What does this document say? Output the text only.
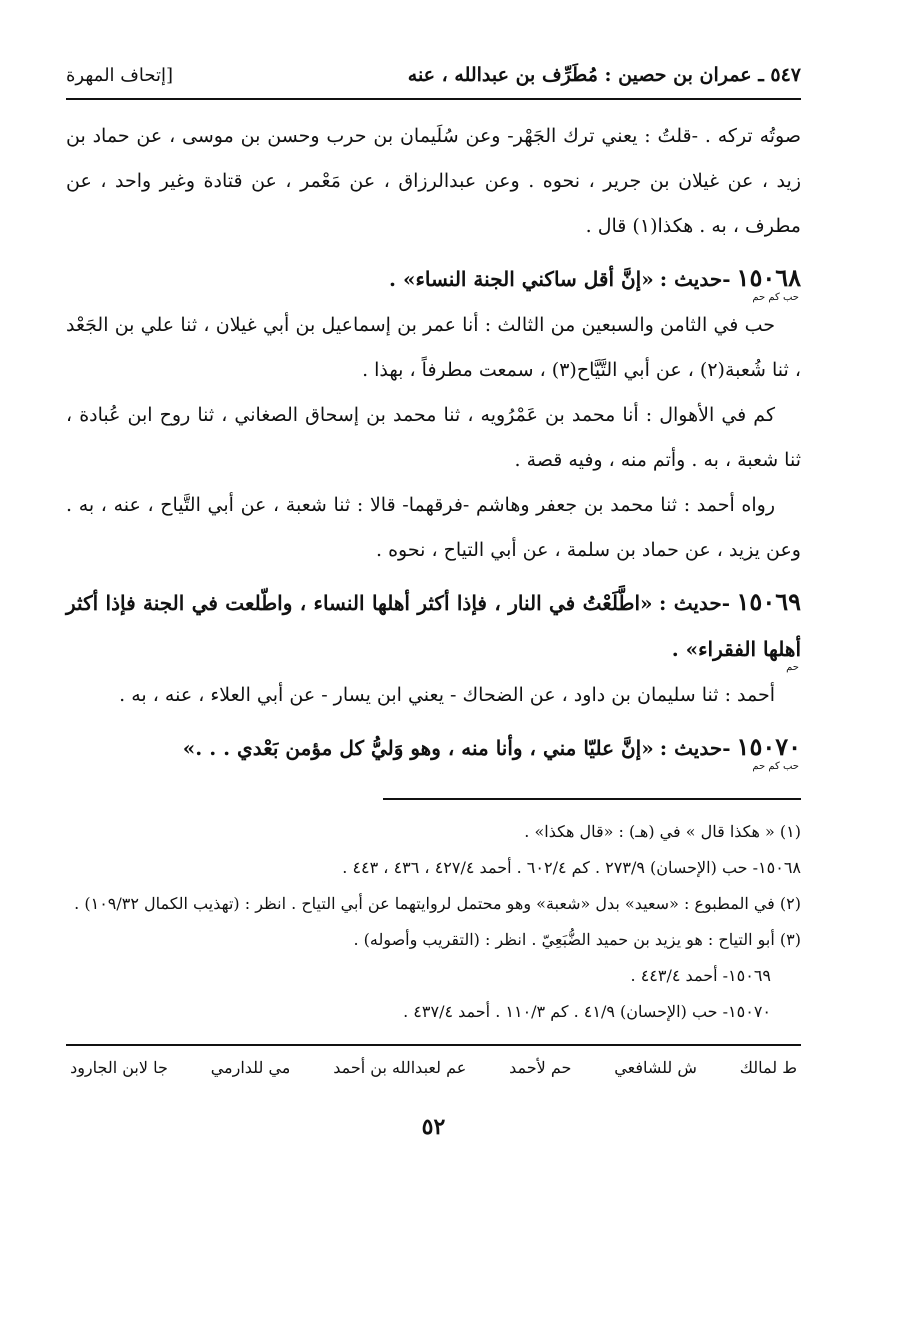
٥٤٧ ـ عمران بن حصين : مُطَرِّف بن عبدالله ، عنه
[إتحاف المهرة

صوتُه تركه . -قلتُ : يعني ترك الجَهْر- وعن سُلَيمان بن حرب وحسن بن موسى ، عن حماد بن زيد ، عن غيلان بن جرير ، نحوه . وعن عبدالرزاق ، عن مَعْمر ، عن قتادة وغير واحد ، عن مطرف ، به . هكذا(١) قال .

١٥٠٦٨ -حديث : «إنَّ أقل ساكني الجنة النساء» .
حب كم حم

حب في الثامن والسبعين من الثالث : أنا عمر بن إسماعيل بن أبي غيلان ، ثنا علي بن الجَعْد ، ثنا شُعبة(٢) ، عن أبي التَّيَّاح(٣) ، سمعت مطرفاً ، بهذا .

كم في الأهوال : أنا محمد بن عَمْرُويه ، ثنا محمد بن إسحاق الصغاني ، ثنا روح ابن عُبادة ، ثنا شعبة ، به . وأتم منه ، وفيه قصة .

رواه أحمد : ثنا محمد بن جعفر وهاشم -فرقهما- قالا : ثنا شعبة ، عن أبي التَّياح ، عنه ، به . وعن يزيد ، عن حماد بن سلمة ، عن أبي التياح ، نحوه .

١٥٠٦٩ -حديث : «اطَّلَعْتُ في النار ، فإذا أكثر أهلها النساء ، واطّلعت في الجنة فإذا أكثر أهلها الفقراء» .
حم

أحمد : ثنا سليمان بن داود ، عن الضحاك - يعني ابن يسار - عن أبي العلاء ، عنه ، به .

١٥٠٧٠ -حديث : «إنَّ عليّا مني ، وأنا منه ، وهو وَليُّ كل مؤمن بَعْدي . . .»
حب كم حم

(١) « هكذا قال » في (هـ) : «قال هكذا» .

١٥٠٦٨- حب (الإحسان) ٢٧٣/٩ . كم ٦٠٢/٤ . أحمد ٤٢٧/٤ ، ٤٣٦ ، ٤٤٣ .

(٢) في المطبوع : «سعيد» بدل «شعبة» وهو محتمل لروايتهما عن أبي التياح . انظر : (تهذيب الكمال ١٠٩/٣٢) .

(٣) أبو التياح : هو يزيد بن حميد الضُّبَعِيّ . انظر : (التقريب وأصوله) .

١٥٠٦٩- أحمد ٤٤٣/٤ .

١٥٠٧٠- حب (الإحسان) ٤١/٩ . كم ١١٠/٣ . أحمد ٤٣٧/٤ .

ط لمالك
ش للشافعي
حم لأحمد
عم لعبدالله بن أحمد
مي للدارمي
جا لابن الجارود
٥٢
